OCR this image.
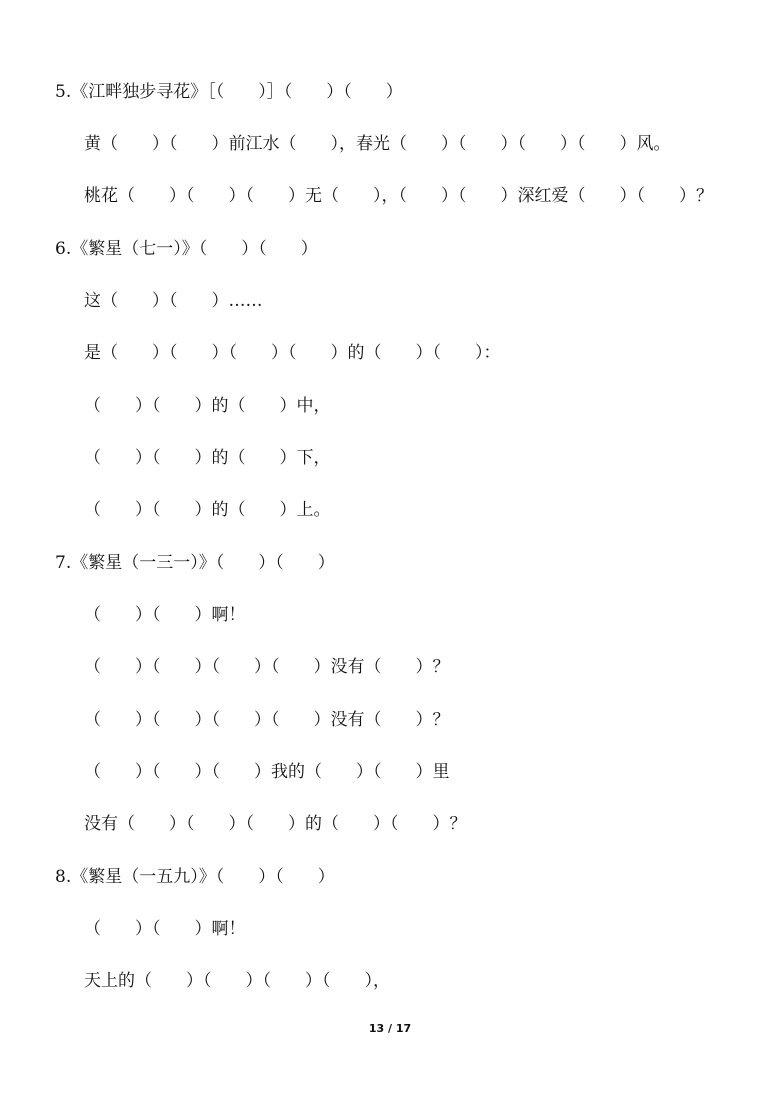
5.《江畔独步寻花》［（　　）］（　　）（　　）
黄（　　）（　　）前江水（　　），春光（　　）（　　）（　　）（　　）风。
桃花（　　）（　　）（　　）无（　　），（　　）（　　）深红爱（　　）（　　）？
6.《繁星（七一）》（　　）（　　）
这（　　）（　　）……
是（　　）（　　）（　　）（　　）的（　　）（　　）：
（　　）（　　）的（　　）中，
（　　）（　　）的（　　）下，
（　　）（　　）的（　　）上。
7.《繁星（一三一）》（　　）（　　）
（　　）（　　）啊！
（　　）（　　）（　　）（　　）没有（　　）？
（　　）（　　）（　　）（　　）没有（　　）？
（　　）（　　）（　　）我的（　　）（　　）里
没有（　　）（　　）（　　）的（　　）（　　）？
8.《繁星（一五九）》（　　）（　　）
（　　）（　　）啊！
天上的（　　）（　　）（　　）（　　），
13 / 17
